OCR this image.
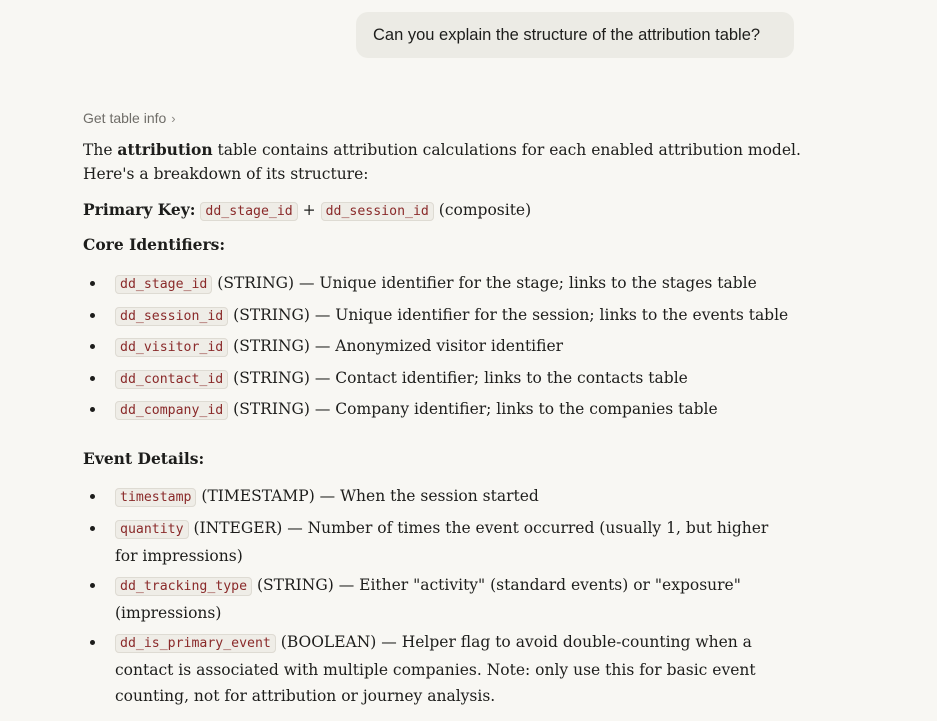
Can you explain the structure of the attribution table?
Get table info ›
The attribution table contains attribution calculations for each enabled attribution model.
Here's a breakdown of its structure:
Primary Key: dd_stage_id + dd_session_id (composite)
Core Identifiers:
dd_stage_id (STRING) — Unique identifier for the stage; links to the stages table
dd_session_id (STRING) — Unique identifier for the session; links to the events table
dd_visitor_id (STRING) — Anonymized visitor identifier
dd_contact_id (STRING) — Contact identifier; links to the contacts table
dd_company_id (STRING) — Company identifier; links to the companies table
Event Details:
timestamp (TIMESTAMP) — When the session started
quantity (INTEGER) — Number of times the event occurred (usually 1, but higher for impressions)
dd_tracking_type (STRING) — Either "activity" (standard events) or "exposure" (impressions)
dd_is_primary_event (BOOLEAN) — Helper flag to avoid double-counting when a contact is associated with multiple companies. Note: only use this for basic event counting, not for attribution or journey analysis.
